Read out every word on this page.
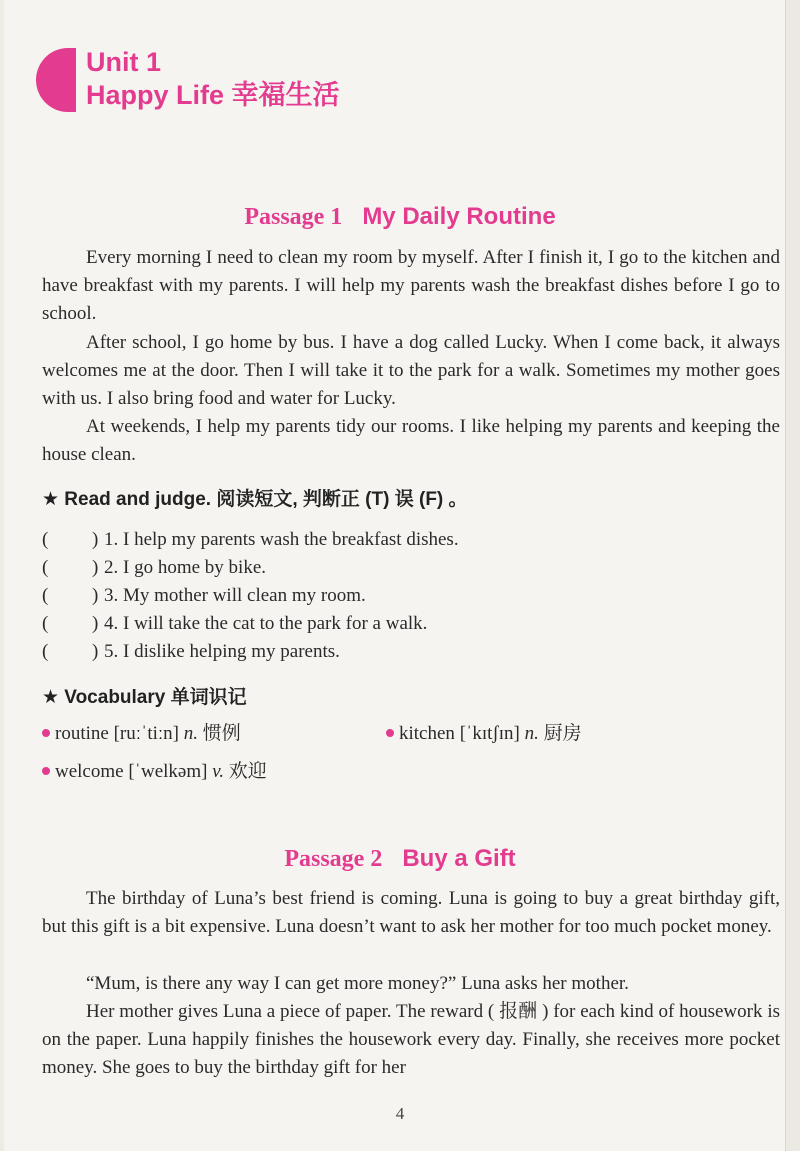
Unit 1
Happy Life 幸福生活
Passage 1 My Daily Routine

Every morning I need to clean my room by myself. After I finish it, I go to the kitchen and have breakfast with my parents. I will help my parents wash the breakfast dishes before I go to school.

After school, I go home by bus. I have a dog called Lucky. When I come back, it always welcomes me at the door. Then I will take it to the park for a walk. Sometimes my mother goes with us. I also bring food and water for Lucky.

At weekends, I help my parents tidy our rooms. I like helping my parents and keeping the house clean.

★ Read and judge. 阅读短文, 判断正 (T) 误 (F) 。
( ) 1. I help my parents wash the breakfast dishes.
( ) 2. I go home by bike.
( ) 3. My mother will clean my room.
( ) 4. I will take the cat to the park for a walk.
( ) 5. I dislike helping my parents.
★ Vocabulary 单词识记
routine [ruːˈtiːn] n. 惯例	kitchen [ˈkɪtʃɪn] n. 厨房
welcome [ˈwelkəm] v. 欢迎
Passage 2 Buy a Gift

The birthday of Luna’s best friend is coming. Luna is going to buy a great birthday gift, but this gift is a bit expensive. Luna doesn’t want to ask her mother for too much pocket money.

“Mum, is there any way I can get more money?” Luna asks her mother.

Her mother gives Luna a piece of paper. The reward ( 报酬 ) for each kind of housework is on the paper. Luna happily finishes the housework every day. Finally, she receives more pocket money. She goes to buy the birthday gift for her

4
